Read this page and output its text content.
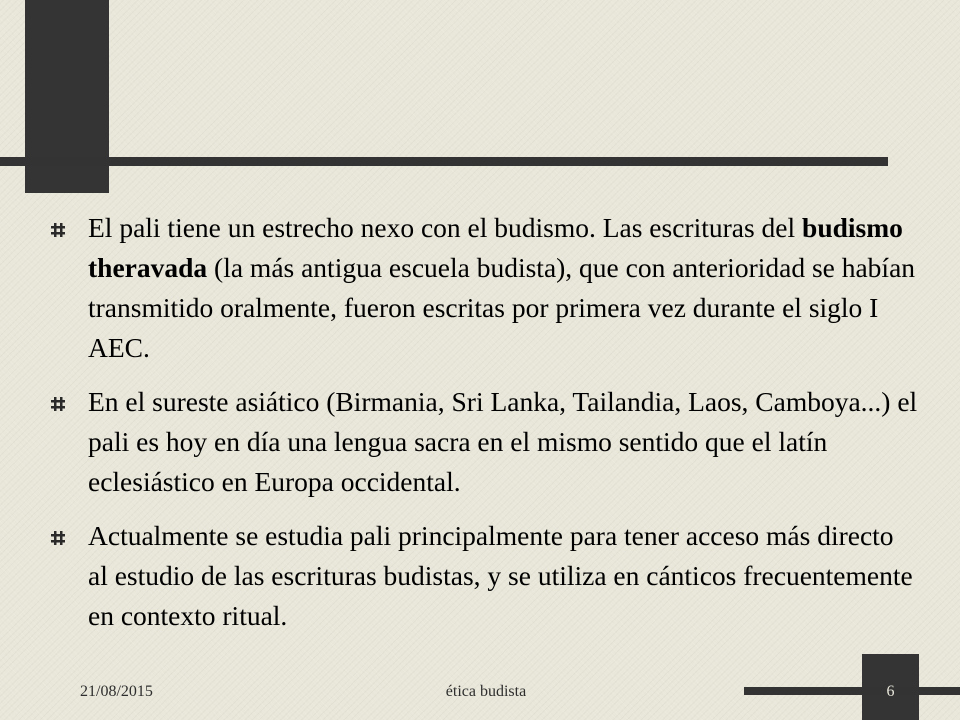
El pali tiene un estrecho nexo con el budismo. Las escrituras del budismo theravada (la más antigua escuela budista), que con anterioridad se habían transmitido oralmente, fueron escritas por primera vez durante el siglo I AEC.
En el sureste asiático (Birmania, Sri Lanka, Tailandia, Laos, Camboya...) el pali es hoy en día una lengua sacra en el mismo sentido que el latín eclesiástico en Europa occidental.
Actualmente se estudia pali principalmente para tener acceso más directo al estudio de las escrituras budistas, y se utiliza en cánticos frecuentemente en contexto ritual.
21/08/2015	ética budista	6
